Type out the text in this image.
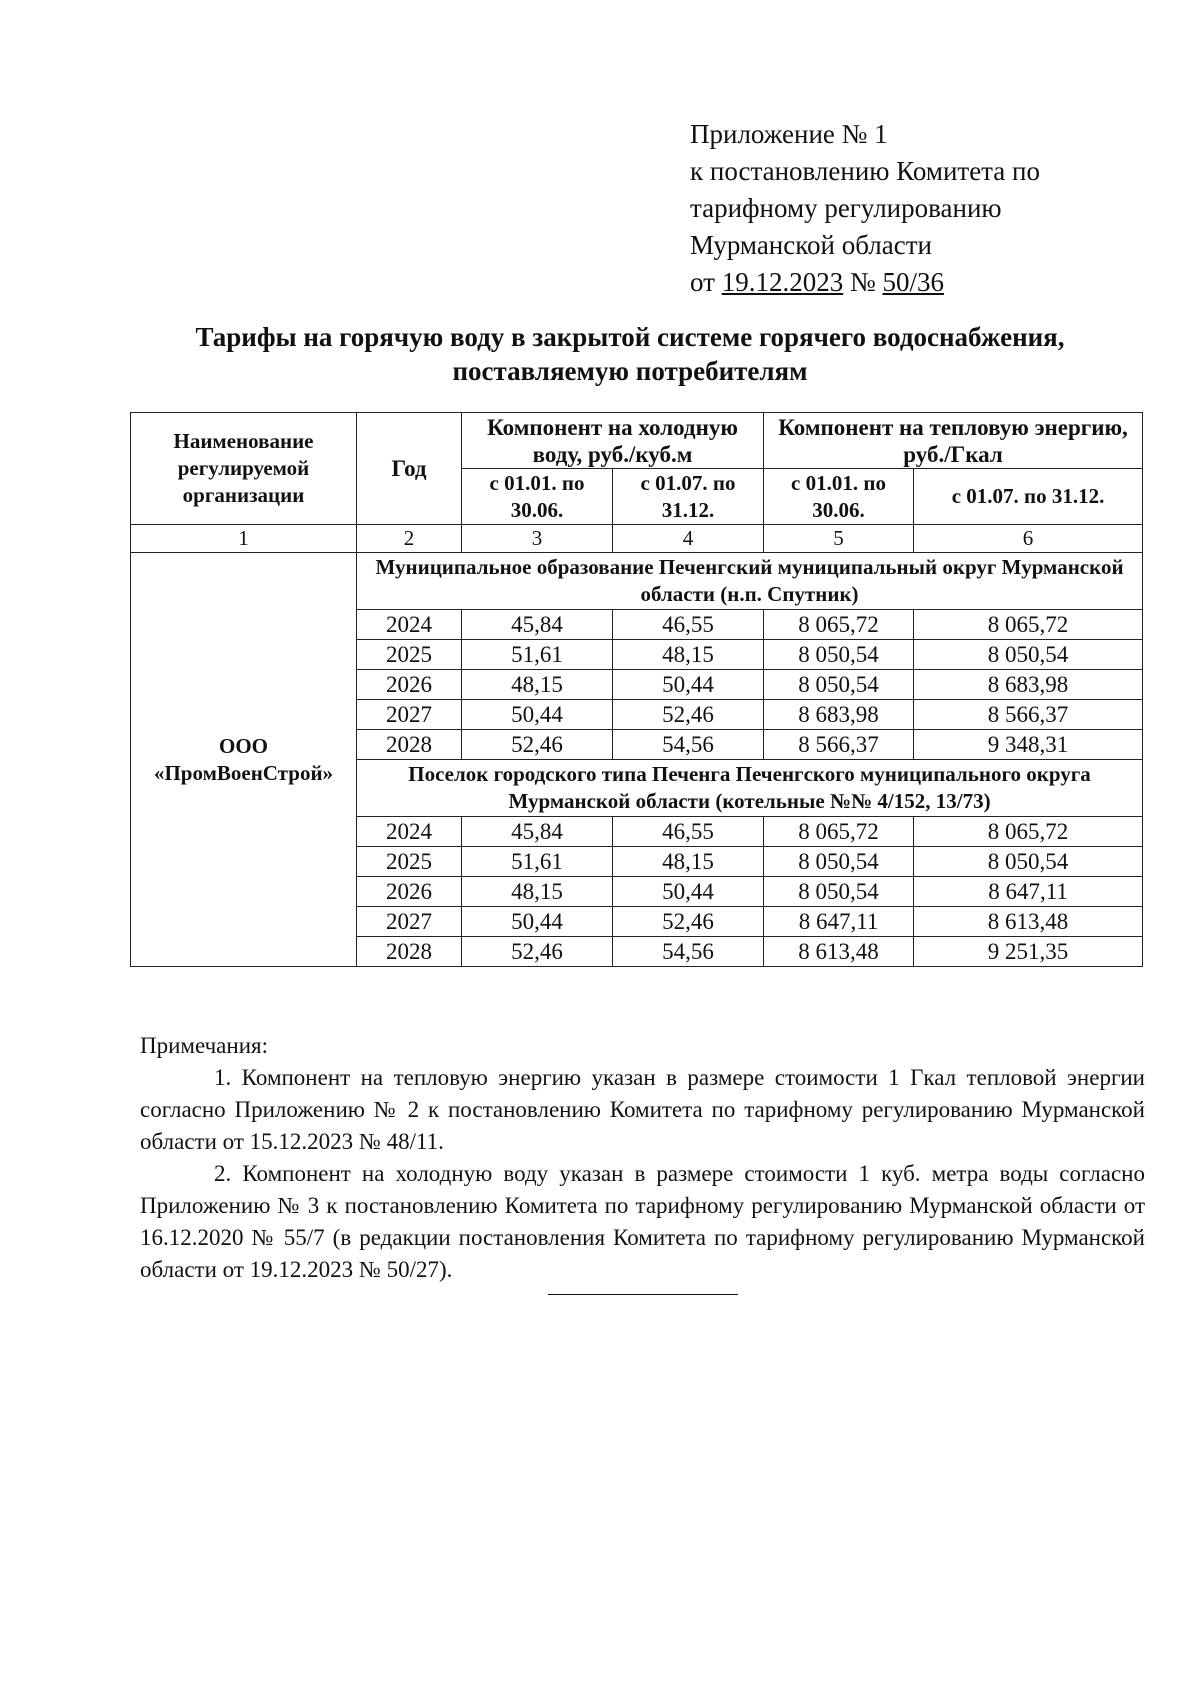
Приложение № 1
к постановлению Комитета по
тарифному регулированию
Мурманской области
от 19.12.2023 № 50/36
Тарифы на горячую воду в закрытой системе горячего водоснабжения,
поставляемую потребителям
Наименование регулируемой организации	Год	Компонент на холодную воду, руб./куб.м		Компонент на тепловую энергию, руб./Гкал	
		с 01.01. по 30.06.	с 01.07. по 31.12.	с 01.01. по 30.06.	с 01.07. по 31.12.
1	2	3	4	5	6
ООО «ПромВоенСтрой»	Муниципальное образование Печенгский муниципальный округ Мурманской области (н.п. Спутник)				
	2024	45,84	46,55	8 065,72	8 065,72
	2025	51,61	48,15	8 050,54	8 050,54
	2026	48,15	50,44	8 050,54	8 683,98
	2027	50,44	52,46	8 683,98	8 566,37
	2028	52,46	54,56	8 566,37	9 348,31
	Поселок городского типа Печенга Печенгского муниципального округа Мурманской области (котельные №№ 4/152, 13/73)				
	2024	45,84	46,55	8 065,72	8 065,72
	2025	51,61	48,15	8 050,54	8 050,54
	2026	48,15	50,44	8 050,54	8 647,11
	2027	50,44	52,46	8 647,11	8 613,48
	2028	52,46	54,56	8 613,48	9 251,35

Примечания:

1. Компонент на тепловую энергию указан в размере стоимости 1 Гкал тепловой энергии согласно Приложению № 2 к постановлению Комитета по тарифному регулированию Мурманской области от 15.12.2023 № 48/11.

2. Компонент на холодную воду указан в размере стоимости 1 куб. метра воды согласно Приложению № 3 к постановлению Комитета по тарифному регулированию Мурманской области от 16.12.2020 № 55/7 (в редакции постановления Комитета по тарифному регулированию Мурманской области от 19.12.2023 № 50/27).
